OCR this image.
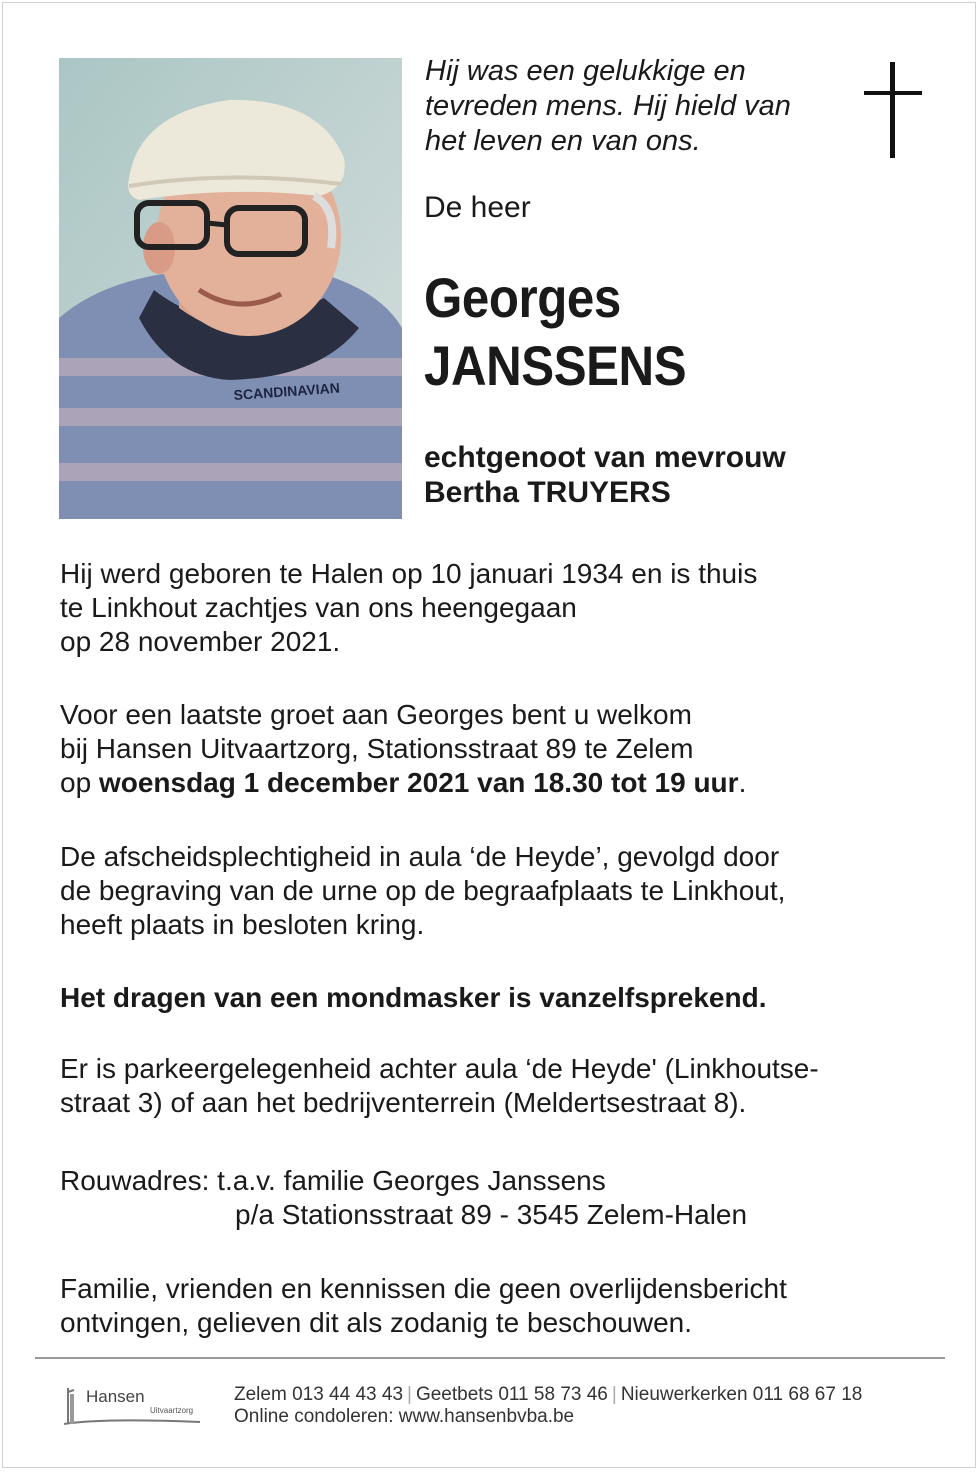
SCANDINAVIAN
Hij was een gelukkige en
tevreden mens. Hij hield van
het leven en van ons.
De heer
Georges
JANSSENS
echtgenoot van mevrouw
Bertha TRUYERS
Hij werd geboren te Halen op 10 januari 1934 en is thuis
te Linkhout zachtjes van ons heengegaan
op 28 november 2021.
Voor een laatste groet aan Georges bent u welkom
bij Hansen Uitvaartzorg, Stationsstraat 89 te Zelem
op woensdag 1 december 2021 van 18.30 tot 19 uur.
De afscheidsplechtigheid in aula ‘de Heyde’, gevolgd door
de begraving van de urne op de begraafplaats te Linkhout,
heeft plaats in besloten kring.
Het dragen van een mondmasker is vanzelfsprekend.
Er is parkeergelegenheid achter aula ‘de Heyde' (Linkhoutse-
straat 3) of aan het bedrijventerrein (Meldertsestraat 8).
Rouwadres: t.a.v. familie Georges Janssens
p/a Stationsstraat 89 - 3545 Zelem-Halen
Familie, vrienden en kennissen die geen overlijdensbericht
ontvingen, gelieven dit als zodanig te beschouwen.
Hansen
Uitvaartzorg
Zelem 013 44 43 43 | Geetbets 011 58 73 46 | Nieuwerkerken 011 68 67 18
Online condoleren: www.hansenbvba.be
